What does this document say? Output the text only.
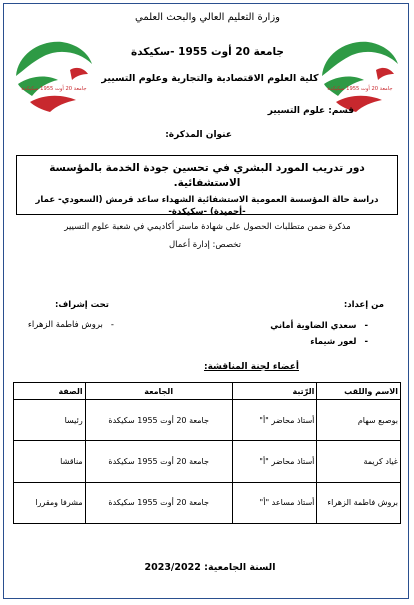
جامعة 20 أوت 1955 سكيكدة	جامعة 20 أوت 1955 سكيكدة
وزارة التعليم العالي والبحث العلمي
جامعة 20 أوت 1955 -سكيكدة
كلية العلوم الاقتصادية والتجارية وعلوم التسيير
قسم: علوم التسيير
عنوان المذكرة:
دور تدريب المورد البشري في تحسين جودة الخدمة بالمؤسسة الاستشفائية.
دراسة حالة المؤسسة العمومية الاستشفائية الشهداء ساعد قرمش (السعودي- عمار -أحميدة) -سكيكدة-
مذكرة ضمن متطلبات الحصول على شهادة ماستر أكاديمي في شعبة علوم التسيير
تخصص: إدارة أعمال
من إعداد:
تحت إشراف:
-سعدي الضاوية أماني
-لعور شيماء
-بروش فاطمة الزهراء
أعضاء لجنة المناقشة:
الاسم واللقب	الرّتبة	الجامعة	الصفة
بوصبع سهام	أستاذ محاضر "أ"	جامعة 20 أوت 1955 سكيكدة	رئيسا
غياد كريمة	أستاذ محاضر "أ"	جامعة 20 أوت 1955 سكيكدة	مناقشا
بروش فاطمة الزهراء	أستاذ مساعد "أ"	جامعة 20 أوت 1955 سكيكدة	مشرفا ومقررا
السنة الجامعية: 2023/2022
